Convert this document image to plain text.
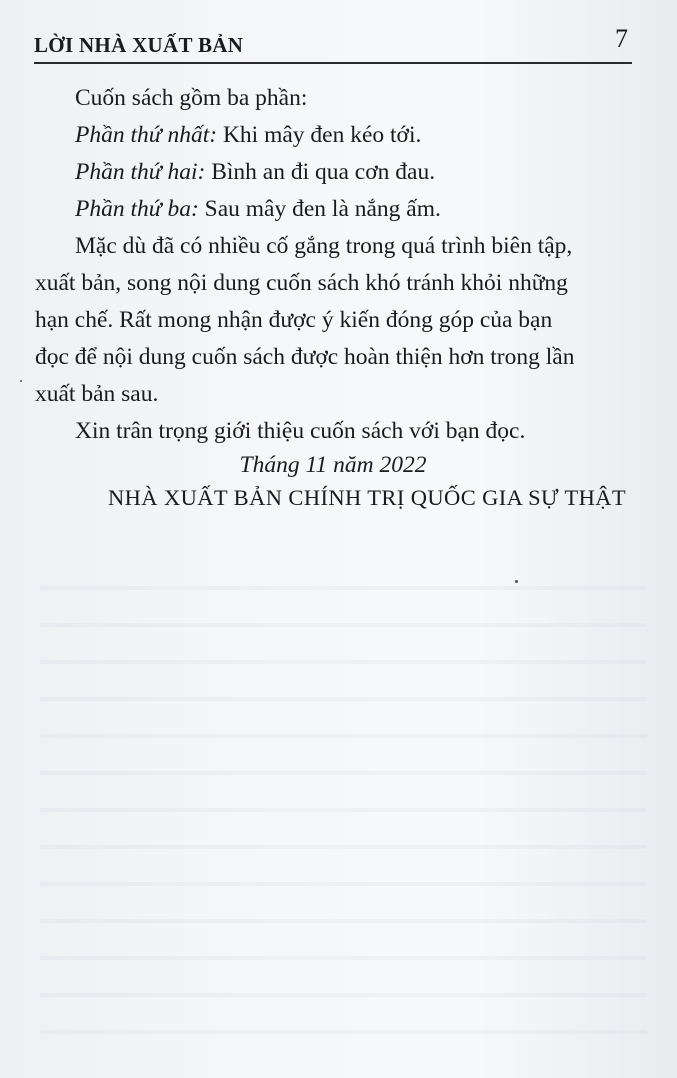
LỜI NHÀ XUẤT BẢN	7
Cuốn sách gồm ba phần:
Phần thứ nhất: Khi mây đen kéo tới.
Phần thứ hai: Bình an đi qua cơn đau.
Phần thứ ba: Sau mây đen là nắng ấm.
Mặc dù đã có nhiều cố gắng trong quá trình biên tập,
xuất bản, song nội dung cuốn sách khó tránh khỏi những
hạn chế. Rất mong nhận được ý kiến đóng góp của bạn
đọc để nội dung cuốn sách được hoàn thiện hơn trong lần
xuất bản sau.
Xin trân trọng giới thiệu cuốn sách với bạn đọc.
Tháng 11 năm 2022
NHÀ XUẤT BẢN CHÍNH TRỊ QUỐC GIA SỰ THẬT
